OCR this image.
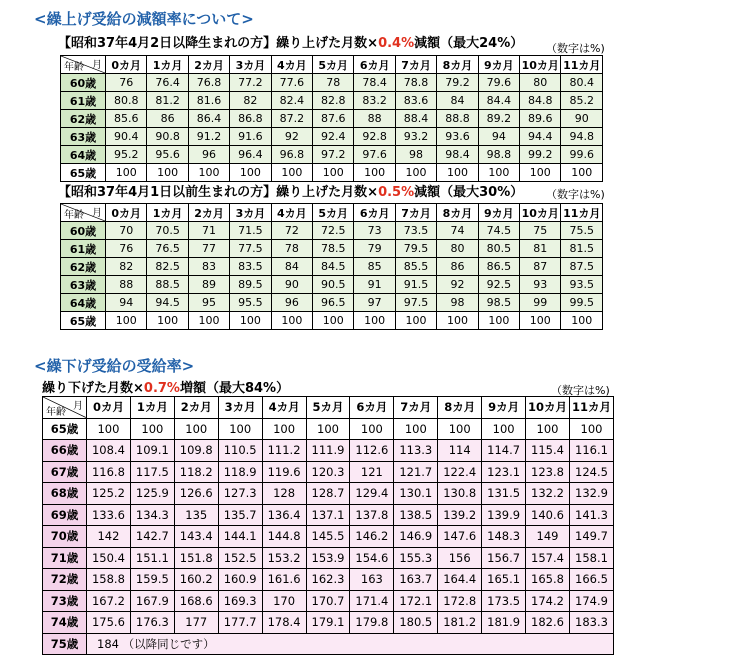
<繰上げ受給の減額率について>
【昭和37年4月2日以降生まれの方】繰り上げた月数×0.4%減額（最大24%） （数字は%)
月
年齢	0カ月	1カ月	2カ月	3カ月	4カ月	5カ月	6カ月	7カ月	8カ月	9カ月	10カ月	11カ月
60歳	76	76.4	76.8	77.2	77.6	78	78.4	78.8	79.2	79.6	80	80.4
61歳	80.8	81.2	81.6	82	82.4	82.8	83.2	83.6	84	84.4	84.8	85.2
62歳	85.6	86	86.4	86.8	87.2	87.6	88	88.4	88.8	89.2	89.6	90
63歳	90.4	90.8	91.2	91.6	92	92.4	92.8	93.2	93.6	94	94.4	94.8
64歳	95.2	95.6	96	96.4	96.8	97.2	97.6	98	98.4	98.8	99.2	99.6
65歳	100	100	100	100	100	100	100	100	100	100	100	100
【昭和37年4月1日以前生まれの方】繰り上げた月数×0.5%減額（最大30%） （数字は%)
月
年齢	0カ月	1カ月	2カ月	3カ月	4カ月	5カ月	6カ月	7カ月	8カ月	9カ月	10カ月	11カ月
60歳	70	70.5	71	71.5	72	72.5	73	73.5	74	74.5	75	75.5
61歳	76	76.5	77	77.5	78	78.5	79	79.5	80	80.5	81	81.5
62歳	82	82.5	83	83.5	84	84.5	85	85.5	86	86.5	87	87.5
63歳	88	88.5	89	89.5	90	90.5	91	91.5	92	92.5	93	93.5
64歳	94	94.5	95	95.5	96	96.5	97	97.5	98	98.5	99	99.5
65歳	100	100	100	100	100	100	100	100	100	100	100	100
<繰下げ受給の受給率>
繰り下げた月数×0.7%増額（最大84%）	（数字は%)
月
年齢	0カ月	1カ月	2カ月	3カ月	4カ月	5カ月	6カ月	7カ月	8カ月	9カ月	10カ月	11カ月
65歳	100	100	100	100	100	100	100	100	100	100	100	100
66歳	108.4	109.1	109.8	110.5	111.2	111.9	112.6	113.3	114	114.7	115.4	116.1
67歳	116.8	117.5	118.2	118.9	119.6	120.3	121	121.7	122.4	123.1	123.8	124.5
68歳	125.2	125.9	126.6	127.3	128	128.7	129.4	130.1	130.8	131.5	132.2	132.9
69歳	133.6	134.3	135	135.7	136.4	137.1	137.8	138.5	139.2	139.9	140.6	141.3
70歳	142	142.7	143.4	144.1	144.8	145.5	146.2	146.9	147.6	148.3	149	149.7
71歳	150.4	151.1	151.8	152.5	153.2	153.9	154.6	155.3	156	156.7	157.4	158.1
72歳	158.8	159.5	160.2	160.9	161.6	162.3	163	163.7	164.4	165.1	165.8	166.5
73歳	167.2	167.9	168.6	169.3	170	170.7	171.4	172.1	172.8	173.5	174.2	174.9
74歳	175.6	176.3	177	177.7	178.4	179.1	179.8	180.5	181.2	181.9	182.6	183.3
75歳	184 （以降同じです）											
